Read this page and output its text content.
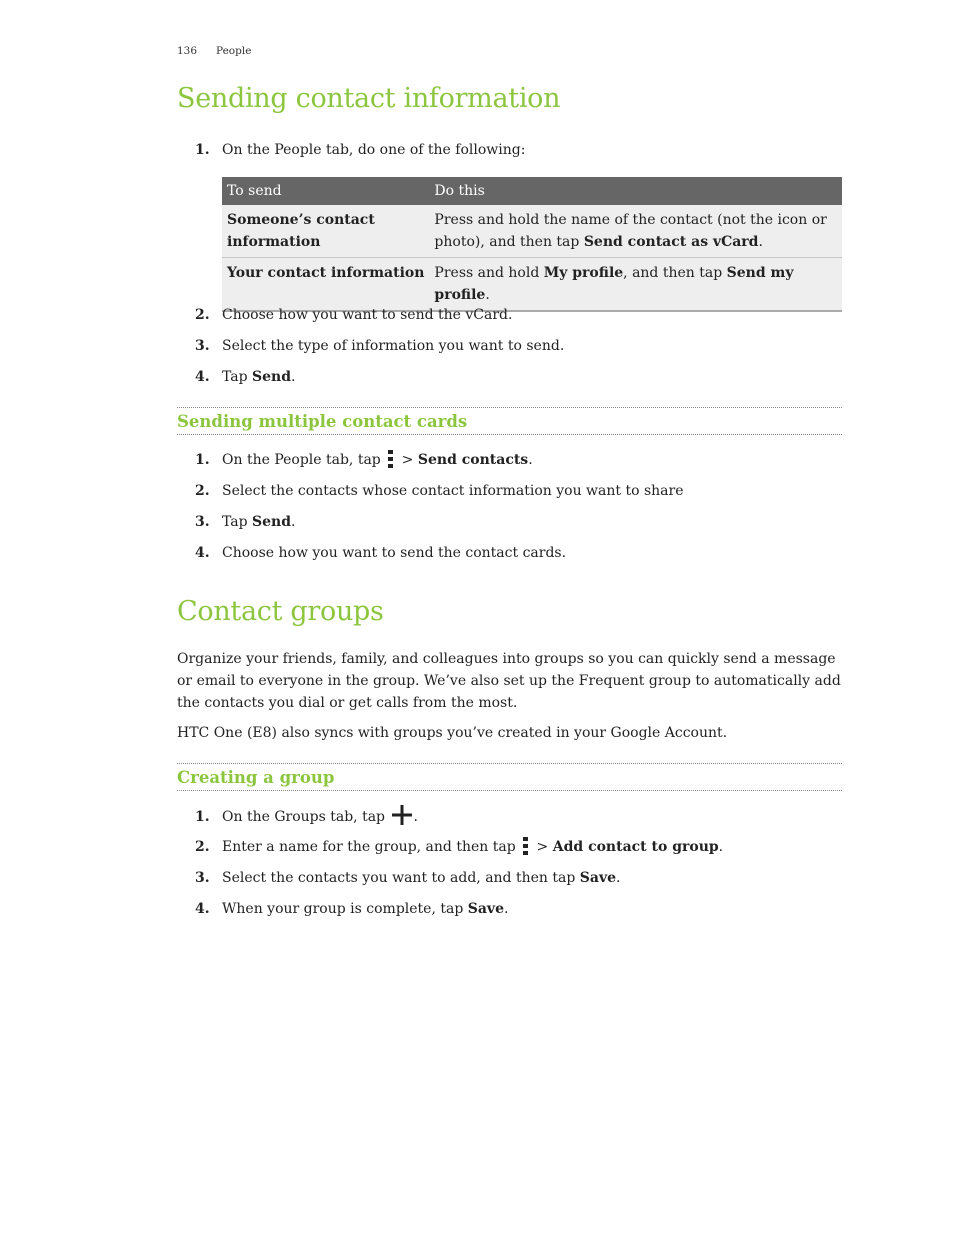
136 People
Sending contact information
1. On the People tab, do one of the following:
To send	Do this
Someone’s contact information	Press and hold the name of the contact (not the icon or photo), and then tap Send contact as vCard.
Your contact information	Press and hold My profile, and then tap Send my profile.
2. Choose how you want to send the vCard.
3. Select the type of information you want to send.
4. Tap Send.
Sending multiple contact cards
1. On the People tab, tap  > Send contacts.
2. Select the contacts whose contact information you want to share
3. Tap Send.
4. Choose how you want to send the contact cards.
Contact groups

Organize your friends, family, and colleagues into groups so you can quickly send a message or email to everyone in the group. We’ve also set up the Frequent group to automatically add the contacts you dial or get calls from the most.

HTC One (E8) also syncs with groups you’ve created in your Google Account.

Creating a group
1. On the Groups tab, tap .
2. Enter a name for the group, and then tap  > Add contact to group.
3. Select the contacts you want to add, and then tap Save.
4. When your group is complete, tap Save.
